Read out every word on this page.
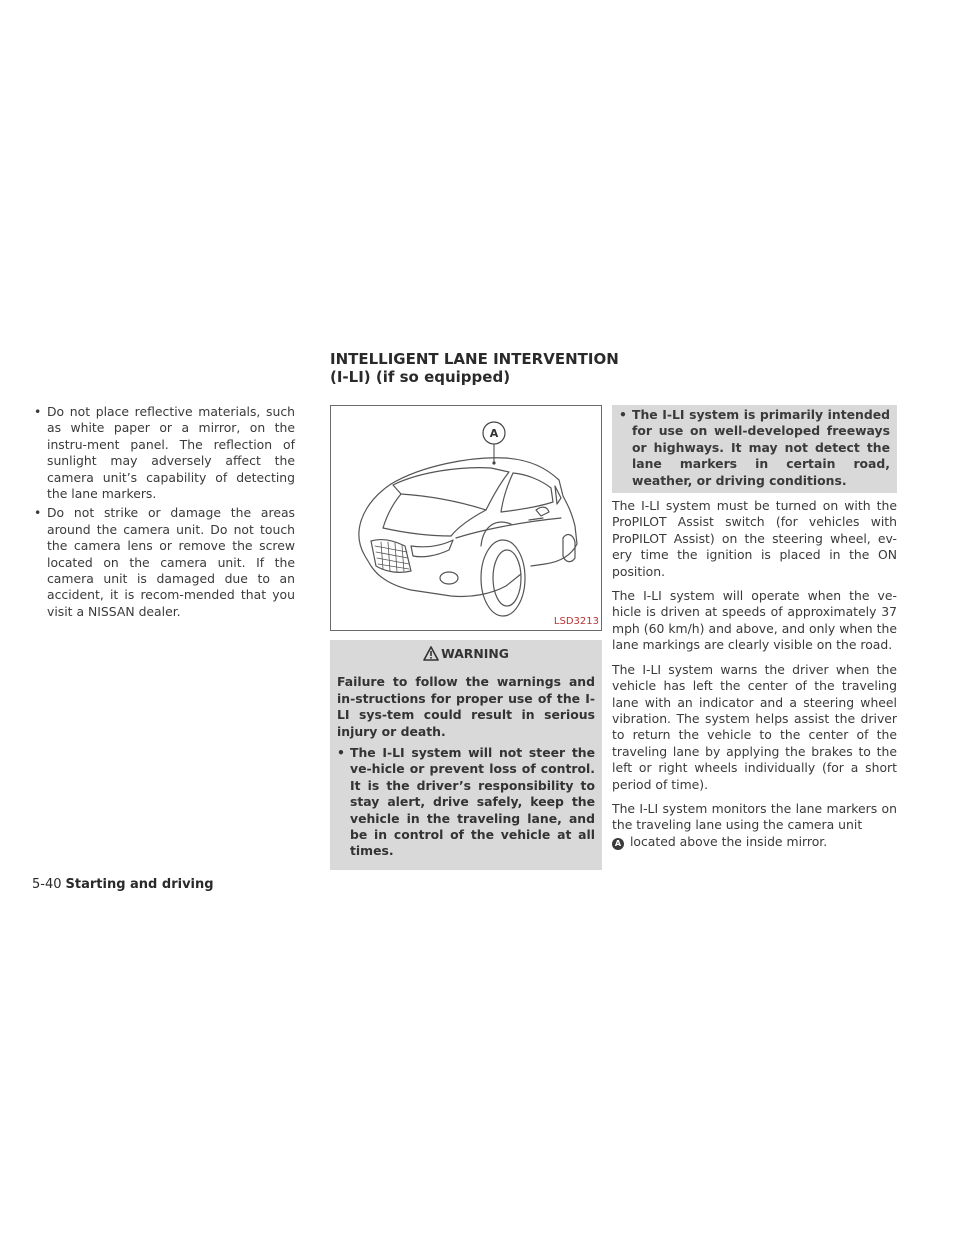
INTELLIGENT LANE INTERVENTION
(I-LI) (if so equipped)
• Do not place reflective materials, such as white paper or a mirror, on the instru-ment panel. The reflection of sunlight may adversely affect the camera unit’s capability of detecting the lane markers.
• Do not strike or damage the areas around the camera unit. Do not touch the camera lens or remove the screw located on the camera unit. If the camera unit is damaged due to an accident, it is recom-mended that you visit a NISSAN dealer.
A
LSD3213
WARNING
Failure to follow the warnings and in-structions for proper use of the I-LI sys-tem could result in serious injury or death.
• The I-LI system will not steer the ve-hicle or prevent loss of control. It is the driver’s responsibility to stay alert, drive safely, keep the vehicle in the traveling lane, and be in control of the vehicle at all times.
• The I-LI system is primarily intended for use on well-developed freeways or highways. It may not detect the lane markers in certain road, weather, or driving conditions.

The I-LI system must be turned on with the ProPILOT Assist switch (for vehicles with ProPILOT Assist) on the steering wheel, ev-ery time the ignition is placed in the ON position.

The I-LI system will operate when the ve-hicle is driven at speeds of approximately 37 mph (60 km/h) and above, and only when the lane markings are clearly visible on the road.

The I-LI system warns the driver when the vehicle has left the center of the traveling lane with an indicator and a steering wheel vibration. The system helps assist the driver to return the vehicle to the center of the traveling lane by applying the brakes to the left or right wheels individually (for a short period of time).

The I-LI system monitors the lane markers on the traveling lane using the camera unit
A located above the inside mirror.

5-40 Starting and driving
